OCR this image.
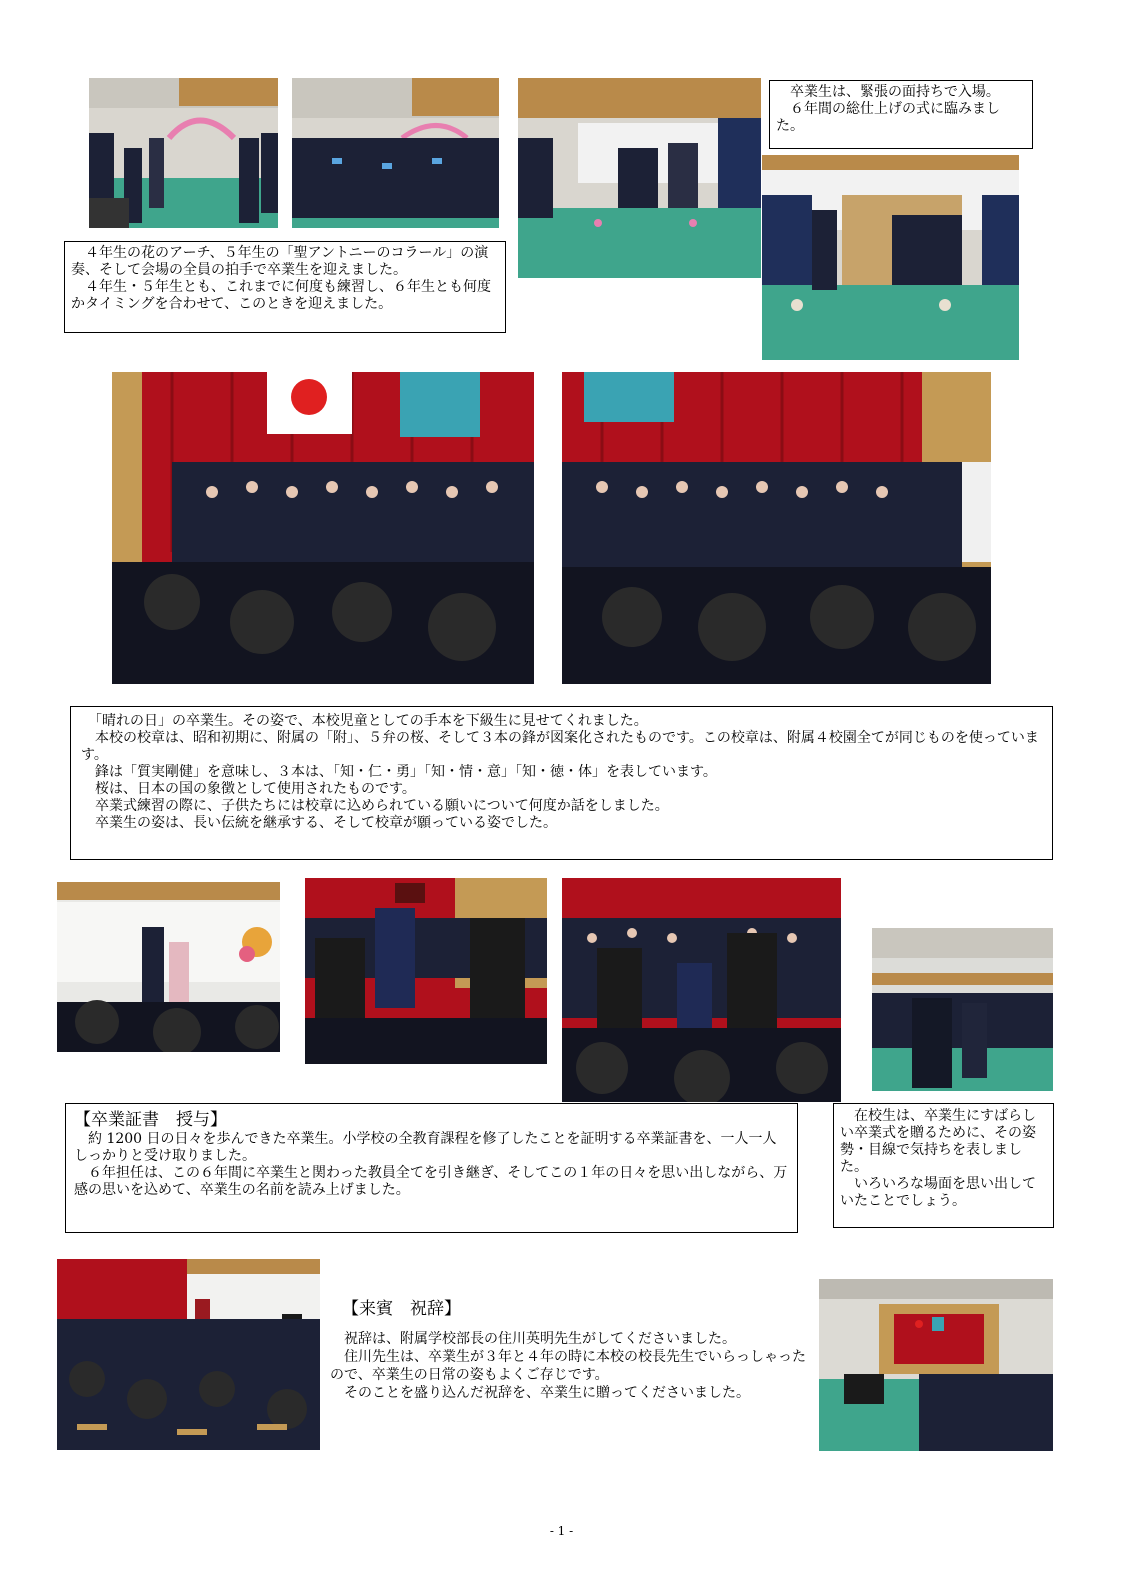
　４年生の花のアーチ、５年生の「聖アントニーのコラール」の演奏、そして会場の全員の拍手で卒業生を迎えました。

　４年生・５年生とも、これまでに何度も練習し、６年生とも何度かタイミングを合わせて、このときを迎えました。

　卒業生は、緊張の面持ちで入場。

　６年間の総仕上げの式に臨みました。

　「晴れの日」の卒業生。その姿で、本校児童としての手本を下級生に見せてくれました。

　本校の校章は、昭和初期に、附属の「附」、５弁の桜、そして３本の鋒が図案化されたものです。この校章は、附属４校園全てが同じものを使っています。

　鋒は「質実剛健」を意味し、３本は、「知・仁・勇」「知・情・意」「知・徳・体」を表しています。

　桜は、日本の国の象徴として使用されたものです。

　卒業式練習の際に、子供たちには校章に込められている願いについて何度か話をしました。

　卒業生の姿は、長い伝統を継承する、そして校章が願っている姿でした。

【卒業証書　授与】

　約 1200 日の日々を歩んできた卒業生。小学校の全教育課程を修了したことを証明する卒業証書を、一人一人しっかりと受け取りました。

　６年担任は、この６年間に卒業生と関わった教員全てを引き継ぎ、そしてこの１年の日々を思い出しながら、万感の思いを込めて、卒業生の名前を読み上げました。

　在校生は、卒業生にすばらしい卒業式を贈るために、その姿勢・目線で気持ちを表しました。

　いろいろな場面を思い出していたことでしょう。

【来賓　祝辞】

　祝辞は、附属学校部長の住川英明先生がしてくださいました。

　住川先生は、卒業生が３年と４年の時に本校の校長先生でいらっしゃったので、卒業生の日常の姿もよくご存じです。

　そのことを盛り込んだ祝辞を、卒業生に贈ってくださいました。

- 1 -
